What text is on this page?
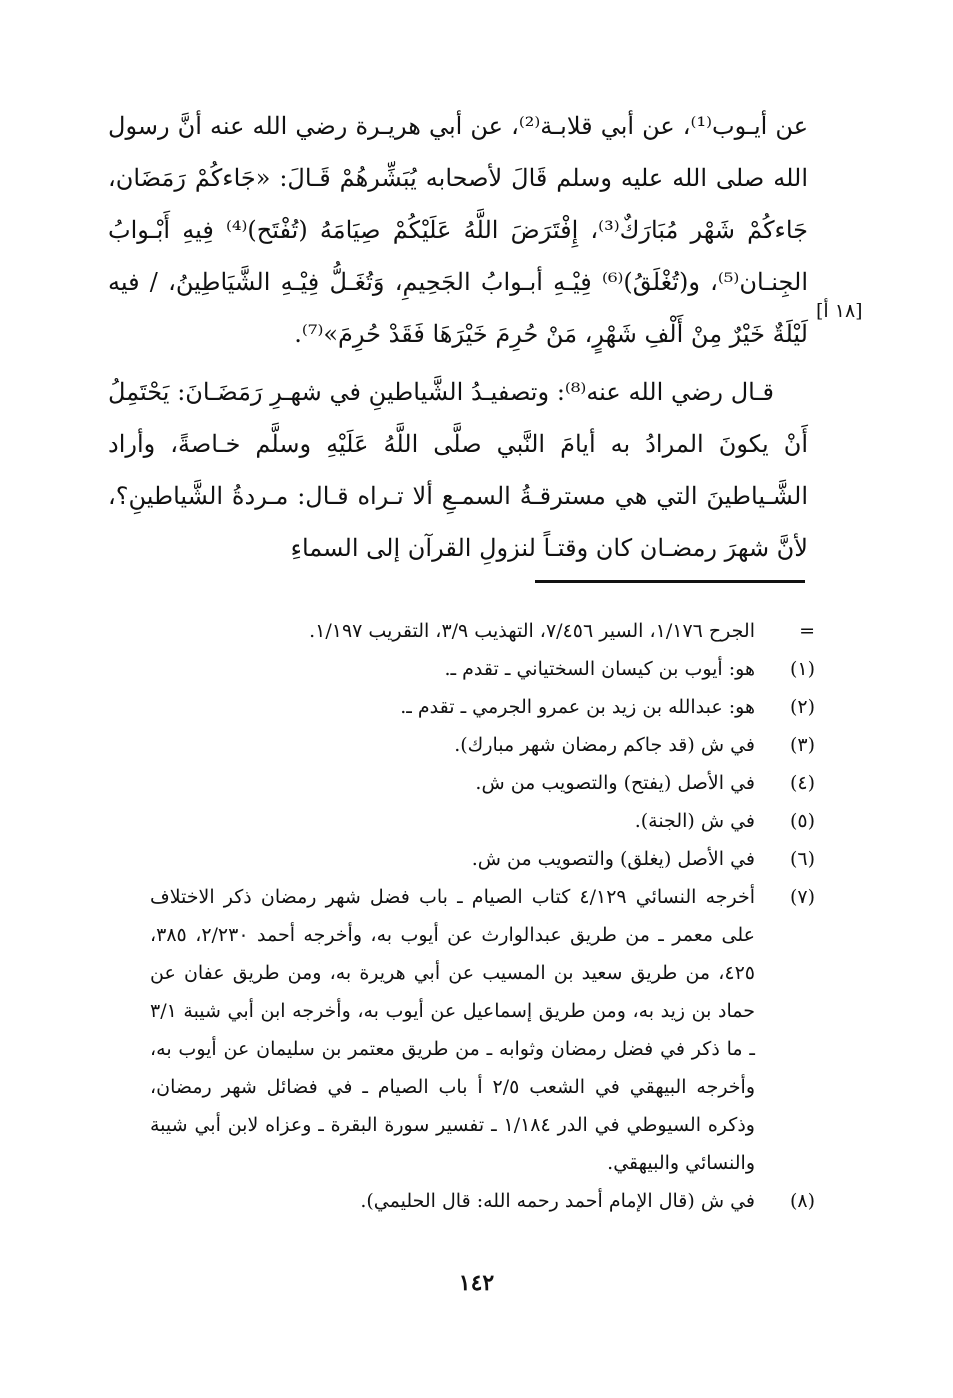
[١٨ أ]

عن أيـوب⁽¹⁾، عن أبي قلابـة⁽²⁾، عن أبي هريـرة رضي الله عنه أنَّ رسول الله صلى الله عليه وسلم قَالَ لأصحابه يُبَشِّرهُمْ قَـالَ: «جَاءكُمْ رَمَضَان، جَاءكُمْ شَهْر مُبَارَكٌ⁽³⁾، إِفْتَرَضَ اللَّهُ عَلَيْكُمْ صِيَامَهُ (تُفْتَح)⁽⁴⁾ فِيهِ أَبْـوابُ الجِنـان⁽⁵⁾، و(تُغْلَقُ)⁽⁶⁾ فِيْـهِ أبـوابُ الجَحِيمِ، وَتُغَـلُّ فِيْـهِ الشَّيَاطِينُ، / فيه لَيْلَةٌ خَيْرٌ مِنْ أَلْفِ شَهْرٍ، مَنْ حُرِمَ خَيْرَهَا فَقَدْ حُرِمَ»⁽⁷⁾.

قـال رضي الله عنه⁽⁸⁾: وتصفيـدُ الشَّياطينِ في شهـرِ رَمَضَـانَ: يَحْتَمِلُ أَنْ يكونَ المرادُ به أيامَ النَّبي صلَّى اللَّهُ عَلَيْهِ وسلَّم خـاصةً، وأراد الشَّـياطينَ التي هي مسترقـةُ السمـعِ ألا تـراه قـال: مـردةُ الشَّياطينِ؟، لأنَّ شهرَ رمضـان كان وقتـاً لنزولِ القرآن إلى السماءِ

=
الجرح ١/١٧٦، السير ٧/٤٥٦، التهذيب ٣/٩، التقريب ١/١٩٧.
(١)
هو: أيوب بن كيسان السختياني ـ تقدم ـ.
(٢)
هو: عبدالله بن زيد بن عمرو الجرمي ـ تقدم ـ.
(٣)
في ش (قد جاكم رمضان شهر مبارك).
(٤)
في الأصل (يفتح) والتصويب من ش.
(٥)
في ش (الجنة).
(٦)
في الأصل (يغلق) والتصويب من ش.
(٧)
أخرجه النسائي ٤/١٢٩ كتاب الصيام ـ باب فضل شهر رمضان ذكر الاختلاف على معمر ـ من طريق عبدالوارث عن أيوب به، وأخرجه أحمد ٢/٢٣٠، ٣٨٥، ٤٢٥، من طريق سعيد بن المسيب عن أبي هريرة به، ومن طريق عفان عن حماد بن زيد به، ومن طريق إسماعيل عن أيوب به، وأخرجه ابن أبي شيبة ٣/١ ـ ما ذكر في فضل رمضان وثوابه ـ من طريق معتمر بن سليمان عن أيوب به، وأخرجه البيهقي في الشعب ٢/٥ أ باب الصيام ـ في فضائل شهر رمضان، وذكره السيوطي في الدر ١/١٨٤ ـ تفسير سورة البقرة ـ وعزاه لابن أبي شيبة والنسائي والبيهقي.
(٨)
في ش (قال الإمام أحمد رحمه الله: قال الحليمي).
١٤٢
